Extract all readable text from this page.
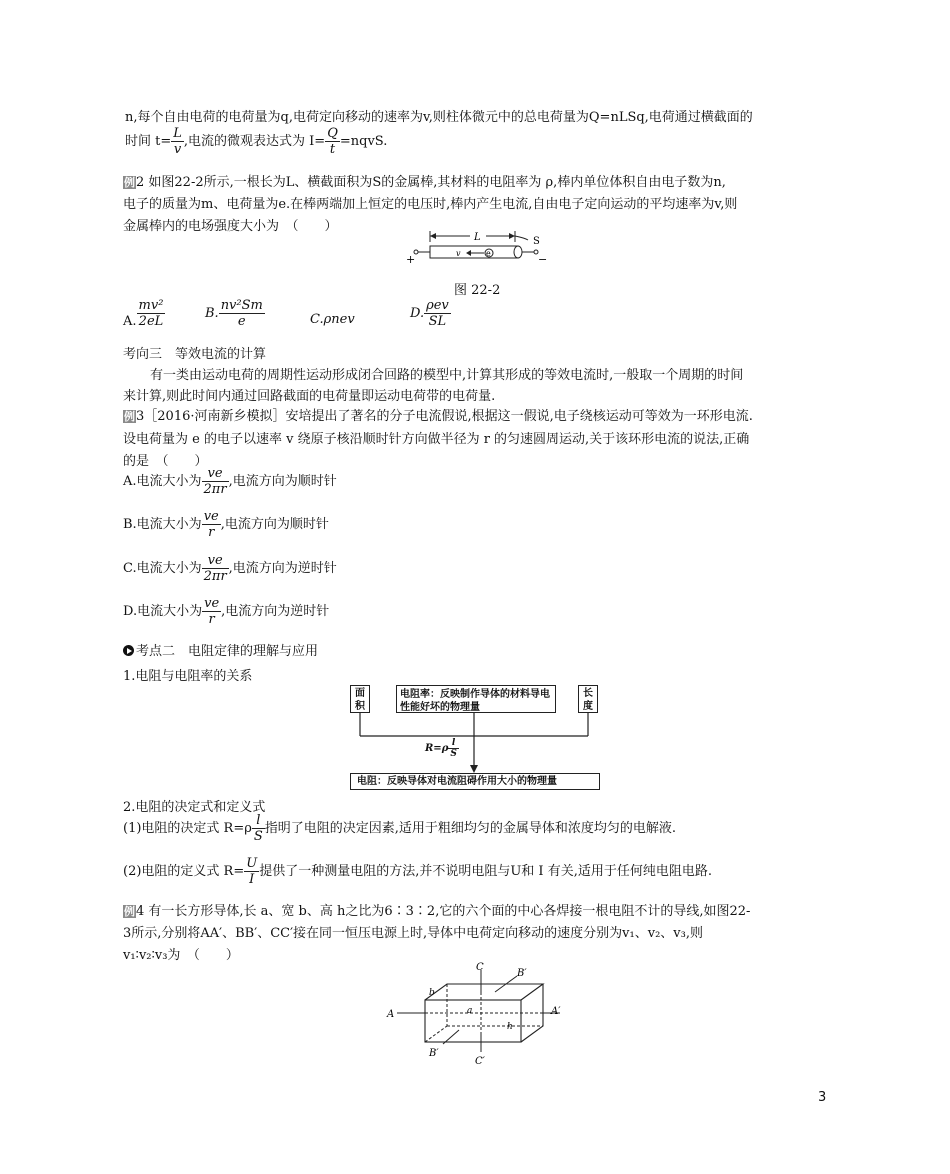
n,每个自由电荷的电荷量为q,电荷定向移动的速率为v,则柱体微元中的总电荷量为Q=nLSq,电荷通过横截面的
时间 $t= \frac{L}{v}$ ,电流的微观表达式为 $I= \frac{Q}{t}$ =nqvS.
例2 如图22-2所示,一根长为L、横截面积为S的金属棒,其材料的电阻率为 ρ,棒内单位体积自由电子数为n,
电子的质量为m、电荷量为e.在棒两端加上恒定的电压时,棒内产生电流,自由电子定向运动的平均速率为v,则
金属棒内的电场强度大小为　（　　）
L	S
+	−
v	e
图 22-2
A. $\frac{\text{mv²}}{2eL}$	B. $\frac{\text{nv²Sm}}{e}$	C.ρnev	D. $\frac{\text{ρev}}{SL}$
考向三　等效电流的计算
有一类由运动电荷的周期性运动形成闭合回路的模型中,计算其形成的等效电流时,一般取一个周期的时间
来计算,则此时间内通过回路截面的电荷量即运动电荷带的电荷量.
例3［2016·河南新乡模拟］安培提出了著名的分子电流假说,根据这一假说,电子绕核运动可等效为一环形电流.
设电荷量为 e 的电子以速率 v 绕原子核沿顺时针方向做半径为 r 的匀速圆周运动,关于该环形电流的说法,正确
的是　（　　）
A.电流大小为 $\frac{ve}{2\pi r}$ ,电流方向为顺时针
B.电流大小为 $\frac{ve}{r}$ ,电流方向为顺时针
C.电流大小为 $\frac{ve}{2\pi r}$ ,电流方向为逆时针
D.电流大小为 $\frac{ve}{r}$ ,电流方向为逆时针
考点二　电阻定律的理解与应用
1.电阻与电阻率的关系
面积
电阻率：反映制作导体的材料导电性能好坏的物理量
长度
$R=\rho \frac{l}{S}$
电阻：反映导体对电流阻碍作用大小的物理量
2.电阻的决定式和定义式
(1)电阻的决定式 $R=\rho \frac{l}{S}$ 指明了电阻的决定因素,适用于粗细均匀的金属导体和浓度均匀的电解液.
(2)电阻的定义式 $R= \frac{U}{I}$ 提供了一种测量电阻的方法,并不说明电阻与U和 I 有关,适用于任何纯电阻电路.
例4 有一长方形导体,长 a、宽 b、高 h之比为6∶3∶2,它的六个面的中心各焊接一根电阻不计的导线,如图22-
3所示,分别将AA′、BB′、CC′接在同一恒压电源上时,导体中电荷定向移动的速度分别为v₁、v₂、v₃,则
v₁∶v₂∶v₃为　（　　）
A	A′
C
C′
B′
B′
a
b
h
3
